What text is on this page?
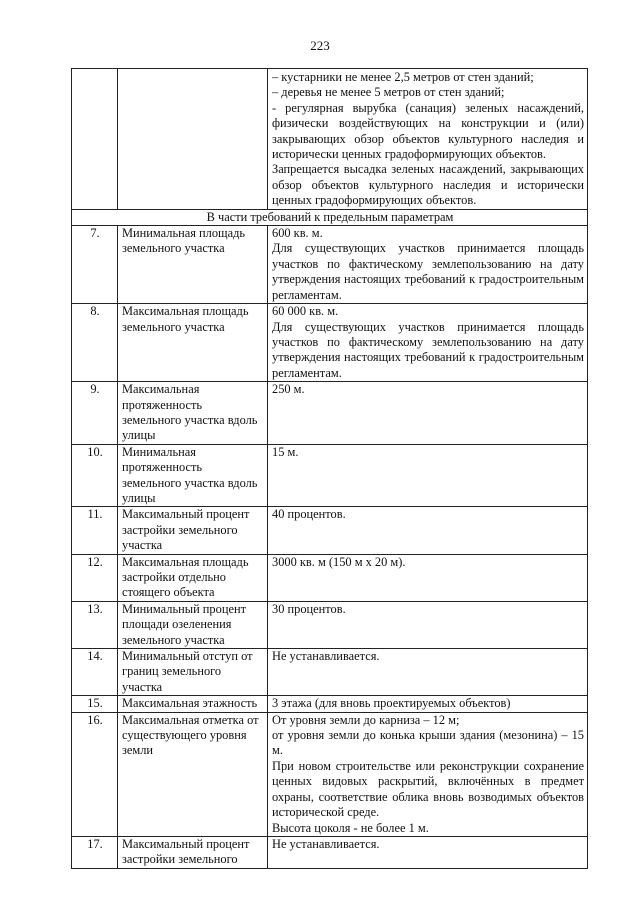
223

		– кустарники не менее 2,5 метров от стен зданий;

– деревья не менее 5 метров от стен зданий;

- регулярная вырубка (санация) зеленых насаждений, физически воздействующих на конструкции и (или) закрывающих обзор объектов культурного наследия и исторически ценных градоформирующих объектов.

Запрещается высадка зеленых насаждений, закрывающих обзор объектов культурного наследия и исторически ценных градоформирующих объектов.

В части требований к предельным параметрам		
7.	Минимальная площадь земельного участка	600 кв. м.

Для существующих участков принимается площадь участков по фактическому землепользованию на дату утверждения настоящих требований к градостроительным регламентам.

8.	Максимальная площадь земельного участка	60 000 кв. м.

Для существующих участков принимается площадь участков по фактическому землепользованию на дату утверждения настоящих требований к градостроительным регламентам.

9.	Максимальная протяженность земельного участка вдоль улицы	250 м.

10.	Минимальная протяженность земельного участка вдоль улицы	15 м.

11.	Максимальный процент застройки земельного участка	40 процентов.

12.	Максимальная площадь застройки отдельно стоящего объекта	3000 кв. м (150 м х 20 м).

13.	Минимальный процент площади озеленения земельного участка	30 процентов.

14.	Минимальный отступ от границ земельного участка	Не устанавливается.

15.	Максимальная этажность	3 этажа (для вновь проектируемых объектов)

16.	Максимальная отметка от существующего уровня земли	От уровня земли до карниза – 12 м;

от уровня земли до конька крыши здания (мезонина) – 15 м.

При новом строительстве или реконструкции сохранение ценных видовых раскрытий, включённых в предмет охраны, соответствие облика вновь возводимых объектов исторической среде.

Высота цоколя - не более 1 м.

17.	Максимальный процент застройки земельного	Не устанавливается.
